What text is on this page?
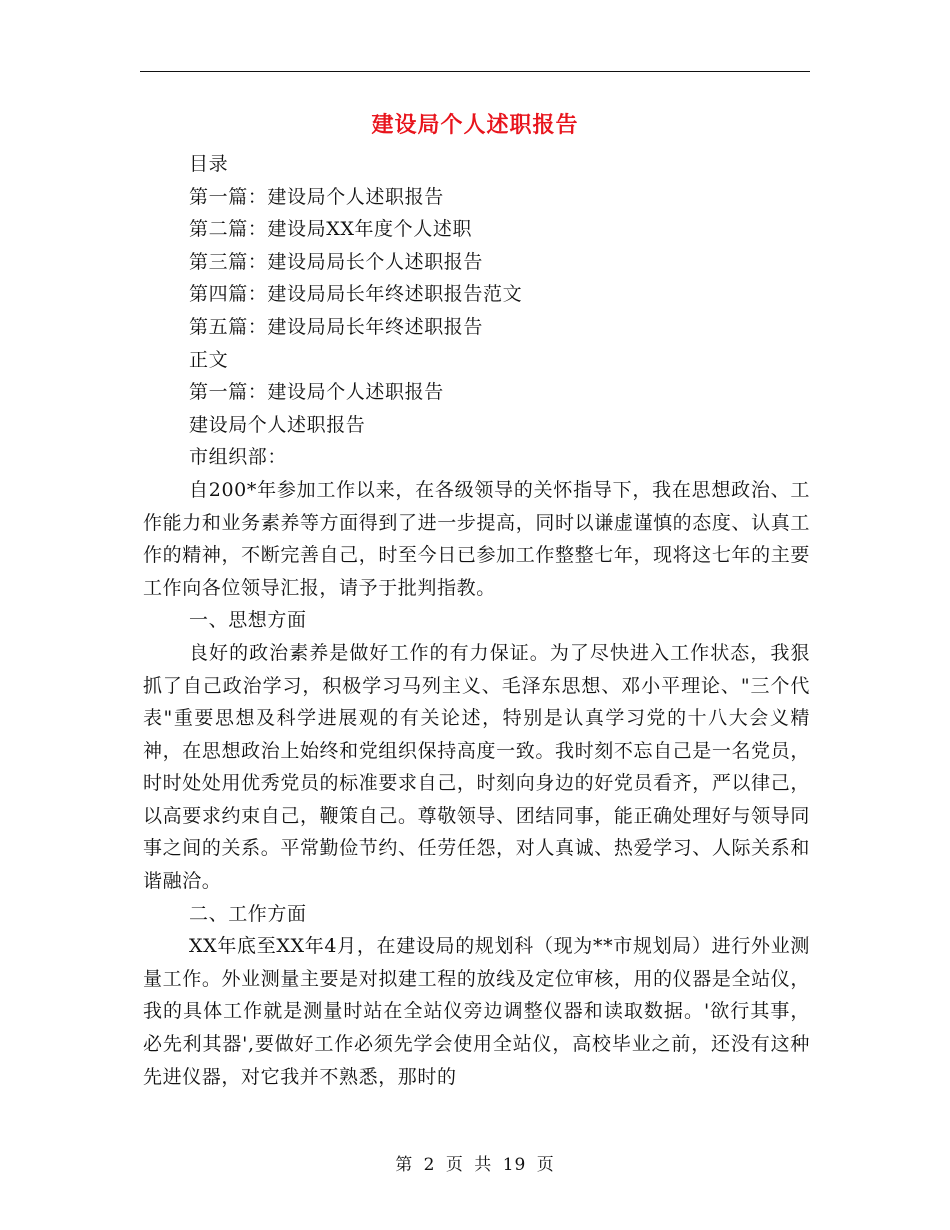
建设局个人述职报告
目录
第一篇：建设局个人述职报告
第二篇：建设局XX年度个人述职
第三篇：建设局局长个人述职报告
第四篇：建设局局长年终述职报告范文
第五篇：建设局局长年终述职报告
正文
第一篇：建设局个人述职报告
建设局个人述职报告
市组织部：
自200*年参加工作以来，在各级领导的关怀指导下，我在思想政治、工作能力和业务素养等方面得到了进一步提高，同时以谦虚谨慎的态度、认真工作的精神，不断完善自己，时至今日已参加工作整整七年，现将这七年的主要工作向各位领导汇报，请予于批判指教。
一、思想方面
良好的政治素养是做好工作的有力保证。为了尽快进入工作状态，我狠抓了自己政治学习，积极学习马列主义、毛泽东思想、邓小平理论、"三个代表"重要思想及科学进展观的有关论述，特别是认真学习党的十八大会义精神，在思想政治上始终和党组织保持高度一致。我时刻不忘自己是一名党员，时时处处用优秀党员的标准要求自己，时刻向身边的好党员看齐，严以律己，以高要求约束自己，鞭策自己。尊敬领导、团结同事，能正确处理好与领导同事之间的关系。平常勤俭节约、任劳任怨，对人真诚、热爱学习、人际关系和谐融洽。
二、工作方面
XX年底至XX年4月，在建设局的规划科（现为**市规划局）进行外业测量工作。外业测量主要是对拟建工程的放线及定位审核，用的仪器是全站仪，我的具体工作就是测量时站在全站仪旁边调整仪器和读取数据。'欲行其事，必先利其器',要做好工作必须先学会使用全站仪，高校毕业之前，还没有这种先进仪器，对它我并不熟悉，那时的
第 2 页 共 19 页
